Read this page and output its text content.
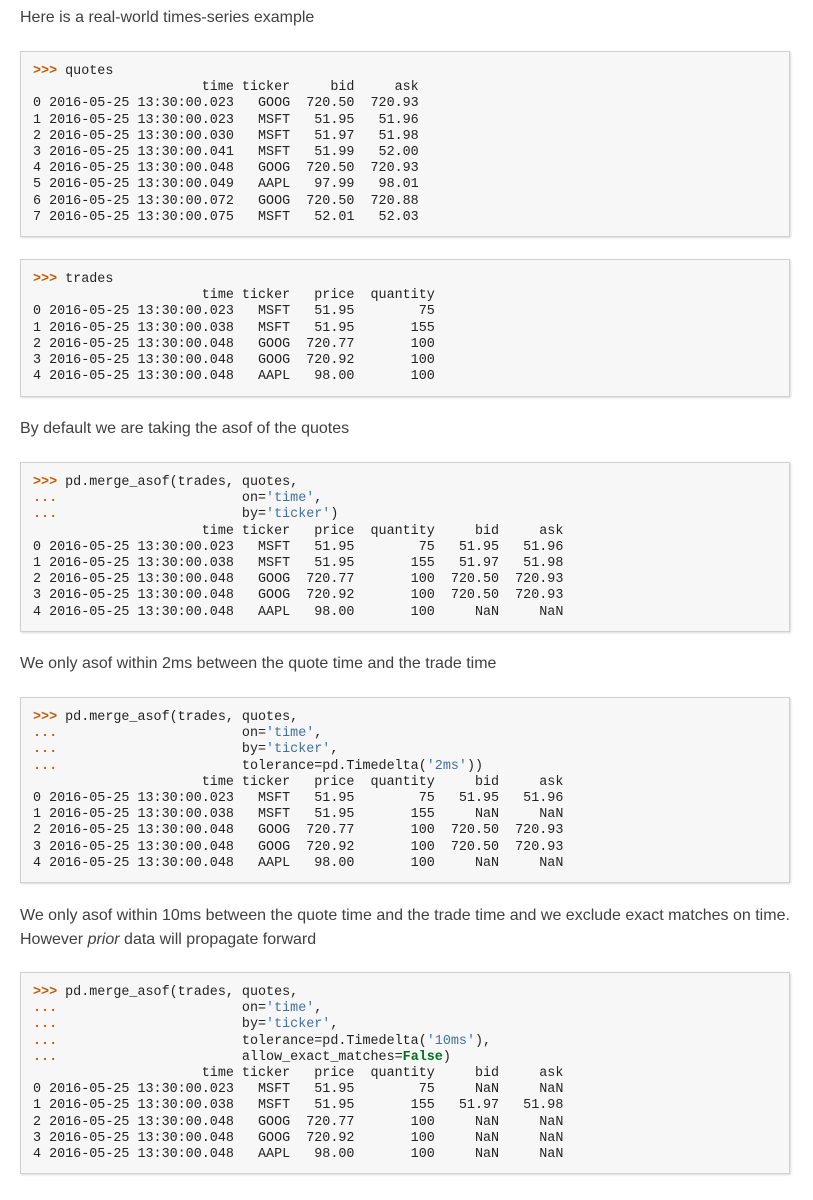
Here is a real-world times-series example
>>> quotes
time ticker     bid     ask
0 2016-05-25 13:30:00.023   GOOG  720.50  720.93
1 2016-05-25 13:30:00.023   MSFT   51.95   51.96
2 2016-05-25 13:30:00.030   MSFT   51.97   51.98
3 2016-05-25 13:30:00.041   MSFT   51.99   52.00
4 2016-05-25 13:30:00.048   GOOG  720.50  720.93
5 2016-05-25 13:30:00.049   AAPL   97.99   98.01
6 2016-05-25 13:30:00.072   GOOG  720.50  720.88
7 2016-05-25 13:30:00.075   MSFT   52.01   52.03
>>> trades
time ticker   price  quantity
0 2016-05-25 13:30:00.023   MSFT   51.95        75
1 2016-05-25 13:30:00.038   MSFT   51.95       155
2 2016-05-25 13:30:00.048   GOOG  720.77       100
3 2016-05-25 13:30:00.048   GOOG  720.92       100
4 2016-05-25 13:30:00.048   AAPL   98.00       100
By default we are taking the asof of the quotes
>>> pd.merge_asof(trades, quotes,
...                       on='time',
...                       by='ticker')
time ticker   price  quantity     bid     ask
0 2016-05-25 13:30:00.023   MSFT   51.95        75   51.95   51.96
1 2016-05-25 13:30:00.038   MSFT   51.95       155   51.97   51.98
2 2016-05-25 13:30:00.048   GOOG  720.77       100  720.50  720.93
3 2016-05-25 13:30:00.048   GOOG  720.92       100  720.50  720.93
4 2016-05-25 13:30:00.048   AAPL   98.00       100     NaN     NaN
We only asof within 2ms between the quote time and the trade time
>>> pd.merge_asof(trades, quotes,
...                       on='time',
...                       by='ticker',
...                       tolerance=pd.Timedelta('2ms'))
time ticker   price  quantity     bid     ask
0 2016-05-25 13:30:00.023   MSFT   51.95        75   51.95   51.96
1 2016-05-25 13:30:00.038   MSFT   51.95       155     NaN     NaN
2 2016-05-25 13:30:00.048   GOOG  720.77       100  720.50  720.93
3 2016-05-25 13:30:00.048   GOOG  720.92       100  720.50  720.93
4 2016-05-25 13:30:00.048   AAPL   98.00       100     NaN     NaN
We only asof within 10ms between the quote time and the trade time and we exclude exact matches on time.
However prior data will propagate forward
>>> pd.merge_asof(trades, quotes,
...                       on='time',
...                       by='ticker',
...                       tolerance=pd.Timedelta('10ms'),
...                       allow_exact_matches=False)
time ticker   price  quantity     bid     ask
0 2016-05-25 13:30:00.023   MSFT   51.95        75     NaN     NaN
1 2016-05-25 13:30:00.038   MSFT   51.95       155   51.97   51.98
2 2016-05-25 13:30:00.048   GOOG  720.77       100     NaN     NaN
3 2016-05-25 13:30:00.048   GOOG  720.92       100     NaN     NaN
4 2016-05-25 13:30:00.048   AAPL   98.00       100     NaN     NaN
